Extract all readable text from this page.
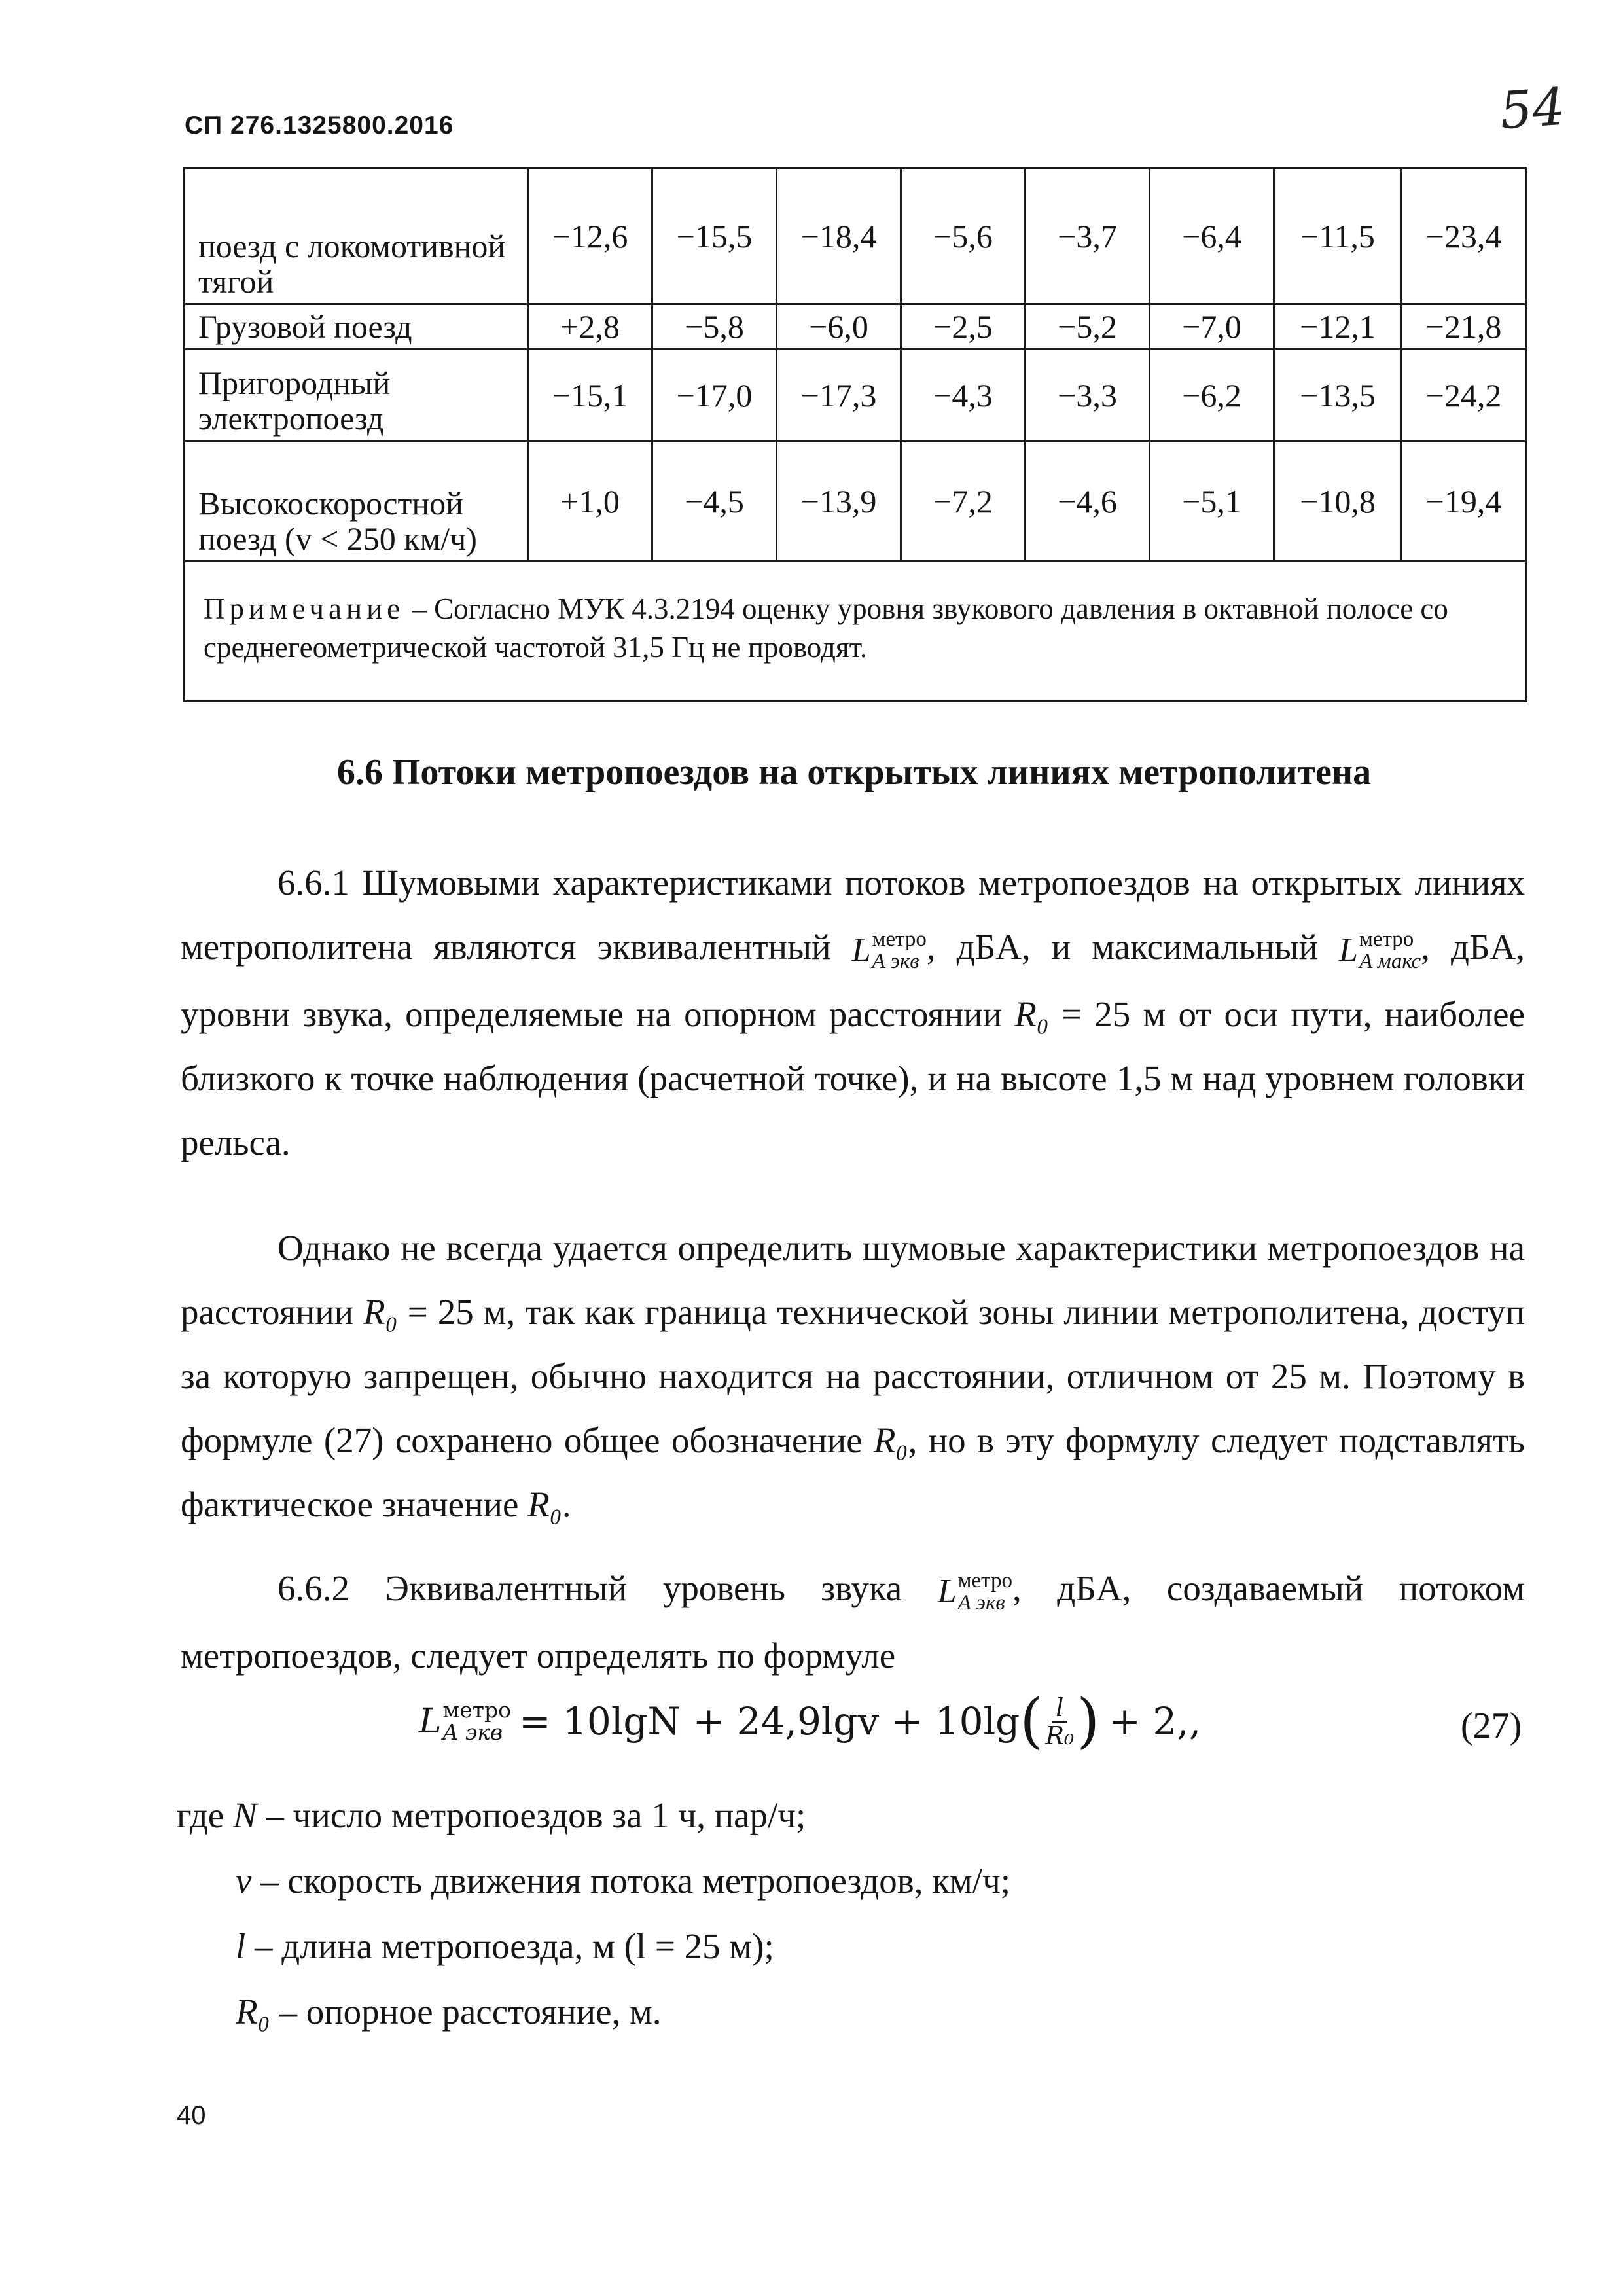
СП 276.1325800.2016	54
поезд с локомотивной тягой	−12,6	−15,5	−18,4	−5,6	−3,7	−6,4	−11,5	−23,4
Грузовой поезд	+2,8	−5,8	−6,0	−2,5	−5,2	−7,0	−12,1	−21,8
Пригородный электропоезд	−15,1	−17,0	−17,3	−4,3	−3,3	−6,2	−13,5	−24,2
Высокоскоростной поезд (v < 250 км/ч)	+1,0	−4,5	−13,9	−7,2	−4,6	−5,1	−10,8	−19,4
Примечание – Согласно МУК 4.3.2194 оценку уровня звукового давления в октавной полосе со среднегеометрической частотой 31,5 Гц не проводят.								
6.6 Потоки метропоездов на открытых линиях метрополитена

6.6.1 Шумовыми характеристиками потоков метропоездов на открытых линиях метрополитена являются эквивалентный L метро
A экв , дБA, и максимальный L метро
A макс , дБA, уровни звука, определяемые на опорном расстоянии R₀ = 25 м от оси пути, наиболее близкого к точке наблюдения (расчетной точке), и на высоте 1,5 м над уровнем головки рельса.

Однако не всегда удается определить шумовые характеристики метропоездов на расстоянии R₀ = 25 м, так как граница технической зоны линии метрополитена, доступ за которую запрещен, обычно находится на расстоянии, отличном от 25 м. Поэтому в формуле (27) сохранено общее обозначение R₀, но в эту формулу следует подставлять фактическое значение R₀.

6.6.2 Эквивалентный уровень звука L метро
A экв , дБA, создаваемый потоком метропоездов, следует определять по формуле

L метро
A экв = 10lgN + 24,9lgv + 10lg ( $\frac{l}{\text{R₀}}$ ) + 2,,	(27)
где N – число метропоездов за 1 ч, пар/ч;
v – скорость движения потока метропоездов, км/ч;
l – длина метропоезда, м (l = 25 м);
R₀ – опорное расстояние, м.
40
